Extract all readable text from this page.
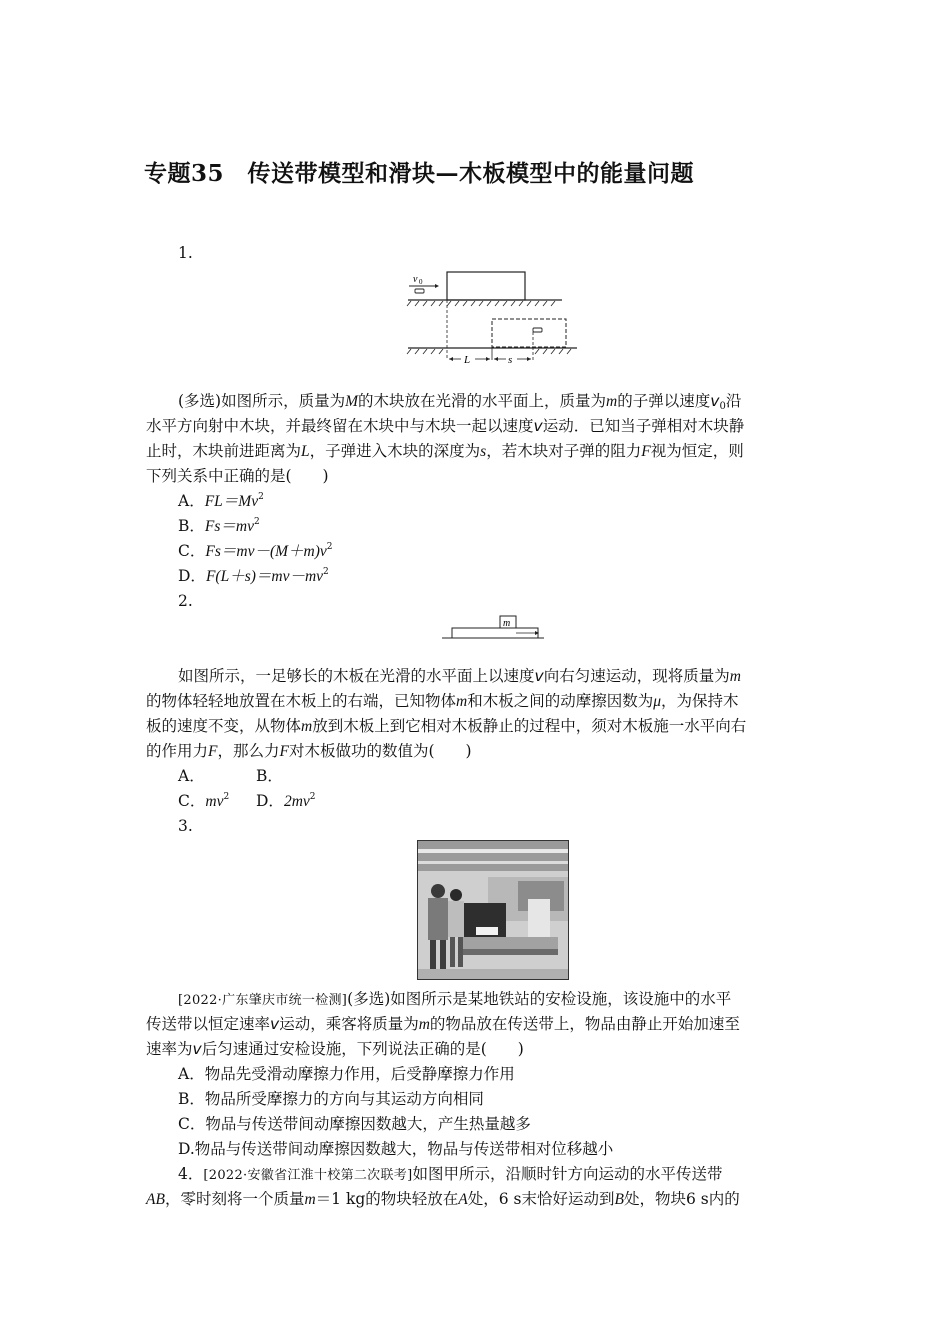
专题35　传送带模型和滑块—木板模型中的能量问题
1.
v 0
L	s
(多选)如图所示，质量为M的木块放在光滑的水平面上，质量为m的子弹以速度$v_0$沿
水平方向射中木块，并最终留在木块中与木块一起以速度v运动．已知当子弹相对木块静
止时，木块前进距离为L，子弹进入木块的深度为s，若木块对子弹的阻力F视为恒定，则
下列关系中正确的是(　　)
A．$FL=Mv^2$
B．$Fs=mv^2$
C．$Fs=mv-(M+m)v^2$
D．$F(L+s)=mv-mv^2$
2.
m
如图所示，一足够长的木板在光滑的水平面上以速度v向右匀速运动，现将质量为m
的物体轻轻地放置在木板上的右端，已知物体m和木板之间的动摩擦因数为μ，为保持木
板的速度不变，从物体m放到木板上到它相对木板静止的过程中，须对木板施一水平向右
的作用力F，那么力F对木板做功的数值为(　　)
A．	B．
C．$mv^2$ D．$2mv^2$
3.
[2022·广东肇庆市统一检测](多选)如图所示是某地铁站的安检设施，该设施中的水平
传送带以恒定速率v运动，乘客将质量为m的物品放在传送带上，物品由静止开始加速至
速率为v后匀速通过安检设施，下列说法正确的是(　　)
A．物品先受滑动摩擦力作用，后受静摩擦力作用
B．物品所受摩擦力的方向与其运动方向相同
C．物品与传送带间动摩擦因数越大，产生热量越多
D.物品与传送带间动摩擦因数越大，物品与传送带相对位移越小
4．[2022·安徽省江淮十校第二次联考]如图甲所示，沿顺时针方向运动的水平传送带
AB，零时刻将一个质量m＝1 kg的物块轻放在A处，6 s末恰好运动到B处，物块6 s内的
